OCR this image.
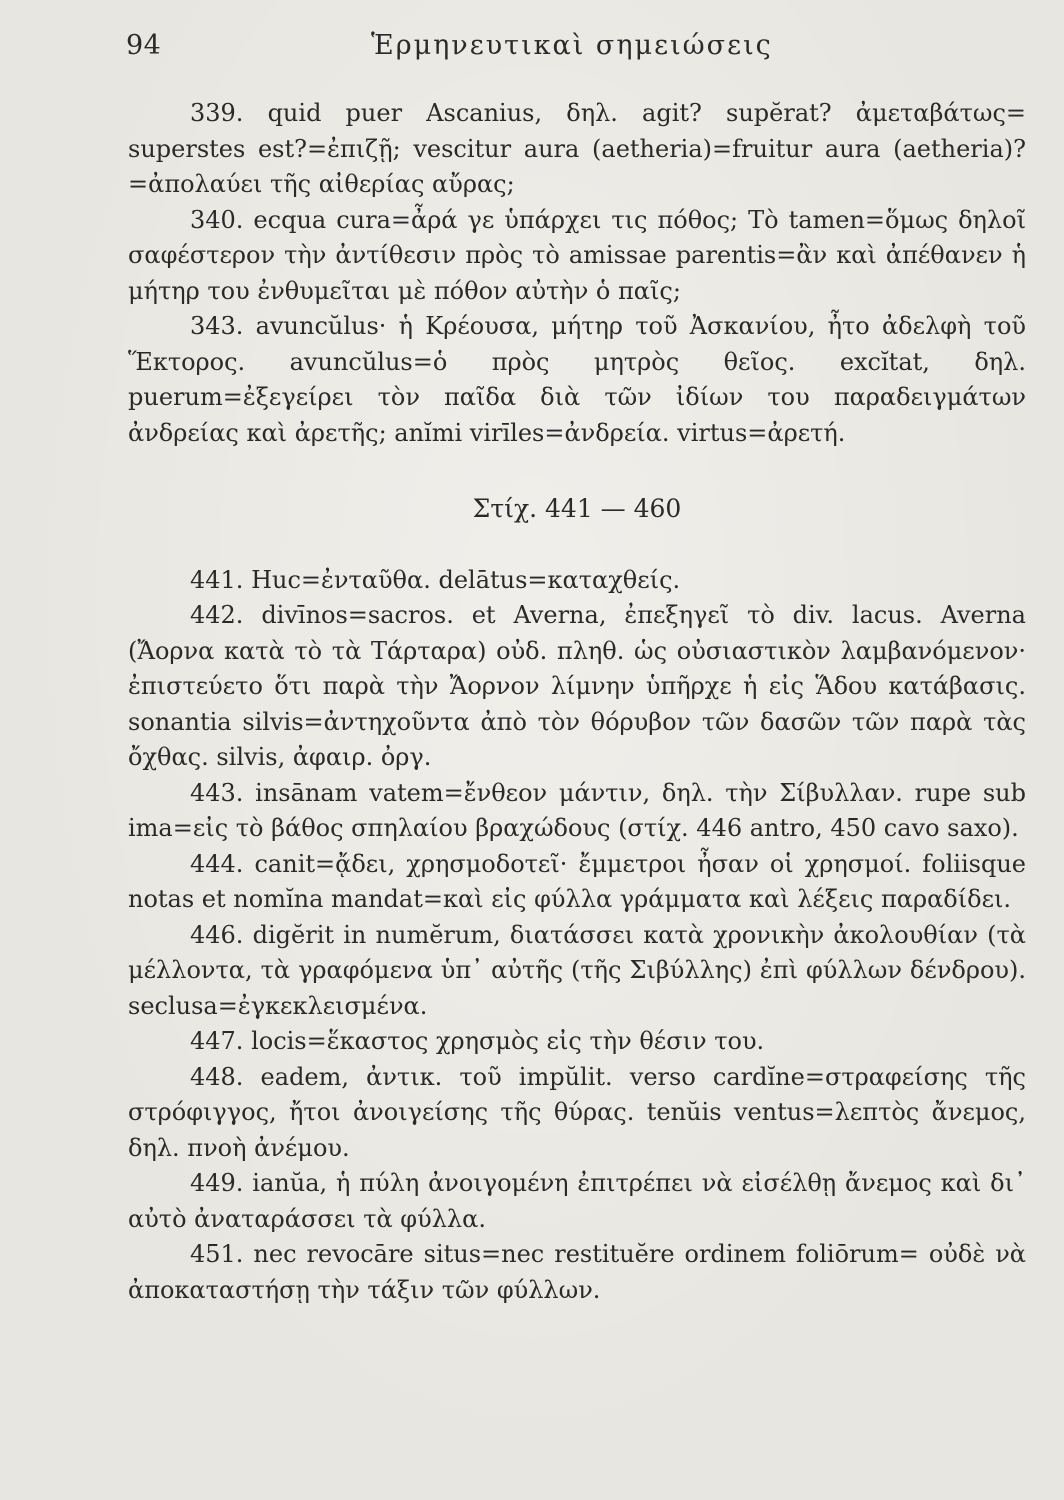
94	Ἑρμηνευτικαὶ σημειώσεις

339. quid puer Ascanius, δηλ. agit? supĕrat? ἀμεταβάτως= superstes est?=ἐπιζῇ; vescitur aura (aetheria)=fruitur aura (aetheria)?=ἀπολαύει τῆς αἰθερίας αὔρας;

340. ecqua cura=ἆρά γε ὑπάρχει τις πόθος; Τὸ tamen=ὅμως δηλοῖ σαφέστερον τὴν ἀντίθεσιν πρὸς τὸ amissae parentis=ἂν καὶ ἀπέθανεν ἡ μήτηρ του ἐνθυμεῖται μὲ πόθον αὐτὴν ὁ παῖς;

343. avuncŭlus· ἡ Κρέουσα, μήτηρ τοῦ Ἀσκανίου, ἦτο ἀδελφὴ τοῦ Ἕκτορος. avuncŭlus=ὁ πρὸς μητρὸς θεῖος. excĭtat, δηλ. puerum=ἐξεγείρει τὸν παῖδα διὰ τῶν ἰδίων του παραδειγμάτων ἀνδρείας καὶ ἀρετῆς; anĭmi virīles=ἀνδρεία. virtus=ἀρετή.

Στίχ. 441 — 460

441. Huc=ἐνταῦθα. delātus=καταχθείς.

442. divīnos=sacros. et Averna, ἐπεξηγεῖ τὸ div. lacus. Averna (Ἄορνα κατὰ τὸ τὰ Τάρταρα) οὐδ. πληθ. ὡς οὐσιαστικὸν λαμβανόμενον· ἐπιστεύετο ὅτι παρὰ τὴν Ἄορνον λίμνην ὑπῆρχε ἡ εἰς Ἅδου κατάβασις. sonantia silvis=ἀντηχοῦντα ἀπὸ τὸν θόρυβον τῶν δασῶν τῶν παρὰ τὰς ὄχθας. silvis, ἀφαιρ. ὀργ.

443. insānam vatem=ἔνθεον μάντιν, δηλ. τὴν Σίβυλλαν. rupe sub ima=εἰς τὸ βάθος σπηλαίου βραχώδους (στίχ. 446 antro, 450 cavo saxo).

444. canit=ᾄδει, χρησμοδοτεῖ· ἔμμετροι ἦσαν οἱ χρησμοί. foliisque notas et nomĭna mandat=καὶ εἰς φύλλα γράμματα καὶ λέξεις παραδίδει.

446. digĕrit in numĕrum, διατάσσει κατὰ χρονικὴν ἀκολουθίαν (τὰ μέλλοντα, τὰ γραφόμενα ὑπ᾽ αὐτῆς (τῆς Σιβύλλης) ἐπὶ φύλλων δένδρου). seclusa=ἐγκεκλεισμένα.

447. locis=ἕκαστος χρησμὸς εἰς τὴν θέσιν του.

448. eadem, ἀντικ. τοῦ impŭlit. verso cardĭne=στραφείσης τῆς στρόφιγγος, ἤτοι ἀνοιγείσης τῆς θύρας. tenŭis ventus=λεπτὸς ἄνεμος, δηλ. πνοὴ ἀνέμου.

449. ianŭa, ἡ πύλη ἀνοιγομένη ἐπιτρέπει νὰ εἰσέλθῃ ἄνεμος καὶ δι᾽ αὐτὸ ἀναταράσσει τὰ φύλλα.

451. nec revocāre situs=nec restituĕre ordinem foliōrum= οὐδὲ νὰ ἀποκαταστήσῃ τὴν τάξιν τῶν φύλλων.
